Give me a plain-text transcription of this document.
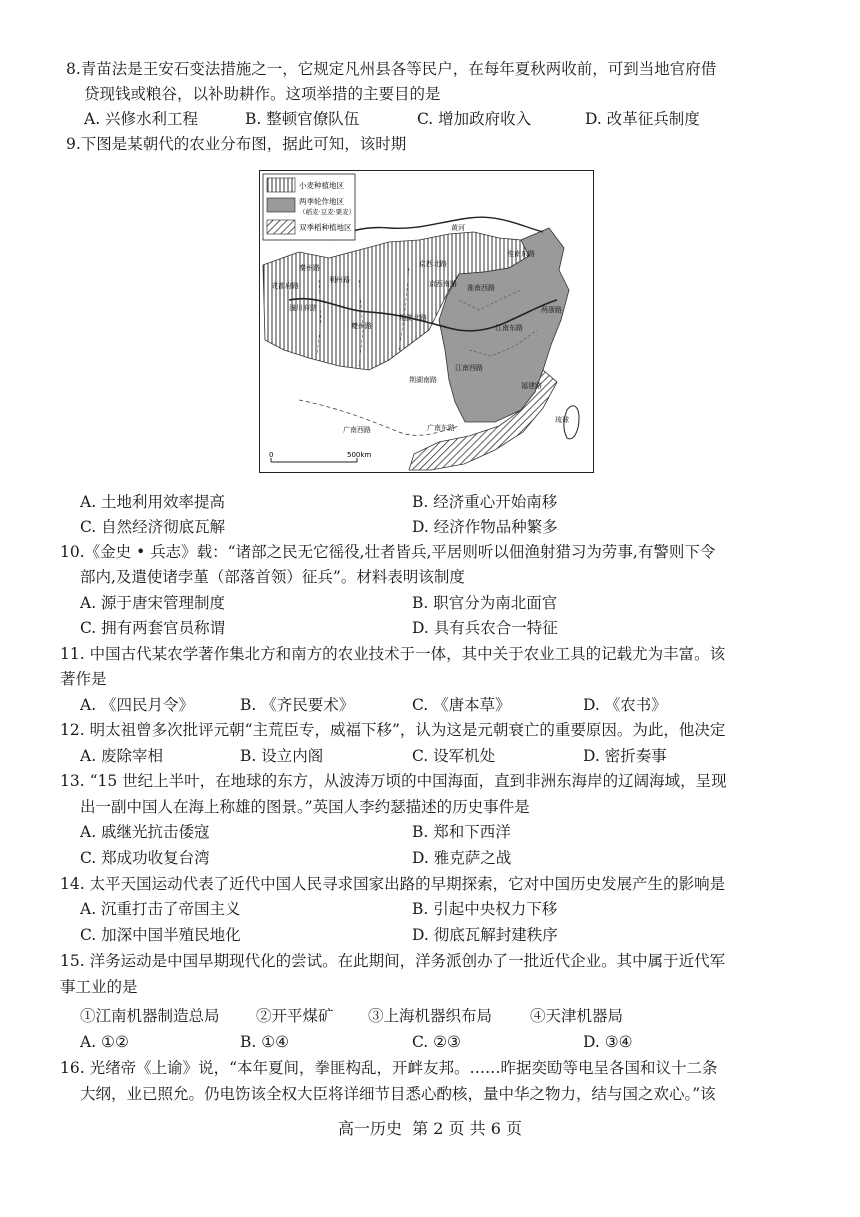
8.青苗法是王安石变法措施之一，它规定凡州县各等民户，在每年夏秋两收前，可到当地官府借
贷现钱或粮谷，以补助耕作。这项举措的主要目的是
A. 兴修水利工程	B. 整顿官僚队伍	C. 增加政府收入	D. 改革征兵制度
9.下图是某朝代的农业分布图，据此可知，该时期
小麦种植地区
两季轮作地区
（稻麦·豆麦·粟麦）
双季稻种植地区
秦州路
成都府路
潼川府路
利州路
夔州路
京西北路
荆湖北路
荆湖南路
江南西路
江南东路
淮南西路
淮南东路
两浙路
福建路
广南西路	广南东路
京西南路
黄河
琉球
0	500km
A. 土地利用效率提高	B. 经济重心开始南移
C. 自然经济彻底瓦解	D. 经济作物品种繁多
10.《金史 • 兵志》载：“诸部之民无它徭役,壮者皆兵,平居则听以佃渔射猎习为劳事,有警则下令
部内,及遣使诸孛堇（部落首领）征兵”。材料表明该制度
A. 源于唐宋管理制度	B. 职官分为南北面官
C. 拥有两套官员称谓	D. 具有兵农合一特征
11. 中国古代某农学著作集北方和南方的农业技术于一体，其中关于农业工具的记载尤为丰富。该
著作是
A. 《四民月令》	B. 《齐民要术》	C. 《唐本草》	D. 《农书》
12. 明太祖曾多次批评元朝“主荒臣专，威福下移”，认为这是元朝衰亡的重要原因。为此，他决定
A. 废除宰相	B. 设立内阁	C. 设军机处	D. 密折奏事
13. “15 世纪上半叶，在地球的东方，从波涛万顷的中国海面，直到非洲东海岸的辽阔海域，呈现
出一副中国人在海上称雄的图景。”英国人李约瑟描述的历史事件是
A. 戚继光抗击倭寇	B. 郑和下西洋
C. 郑成功收复台湾	D. 雅克萨之战
14. 太平天国运动代表了近代中国人民寻求国家出路的早期探索，它对中国历史发展产生的影响是
A. 沉重打击了帝国主义	B. 引起中央权力下移
C. 加深中国半殖民地化	D. 彻底瓦解封建秩序
15. 洋务运动是中国早期现代化的尝试。在此期间，洋务派创办了一批近代企业。其中属于近代军
事工业的是
①江南机器制造总局 ②开平煤矿 ③上海机器织布局 ④天津机器局
A. ①②	B. ①④	C. ②③	D. ③④
16. 光绪帝《上谕》说，“本年夏间，拳匪构乱，开衅友邦。……昨据奕劻等电呈各国和议十二条
大纲，业已照允。仍电饬该全权大臣将详细节目悉心酌核，量中华之物力，结与国之欢心。”该
高一历史  第 2 页 共 6 页
